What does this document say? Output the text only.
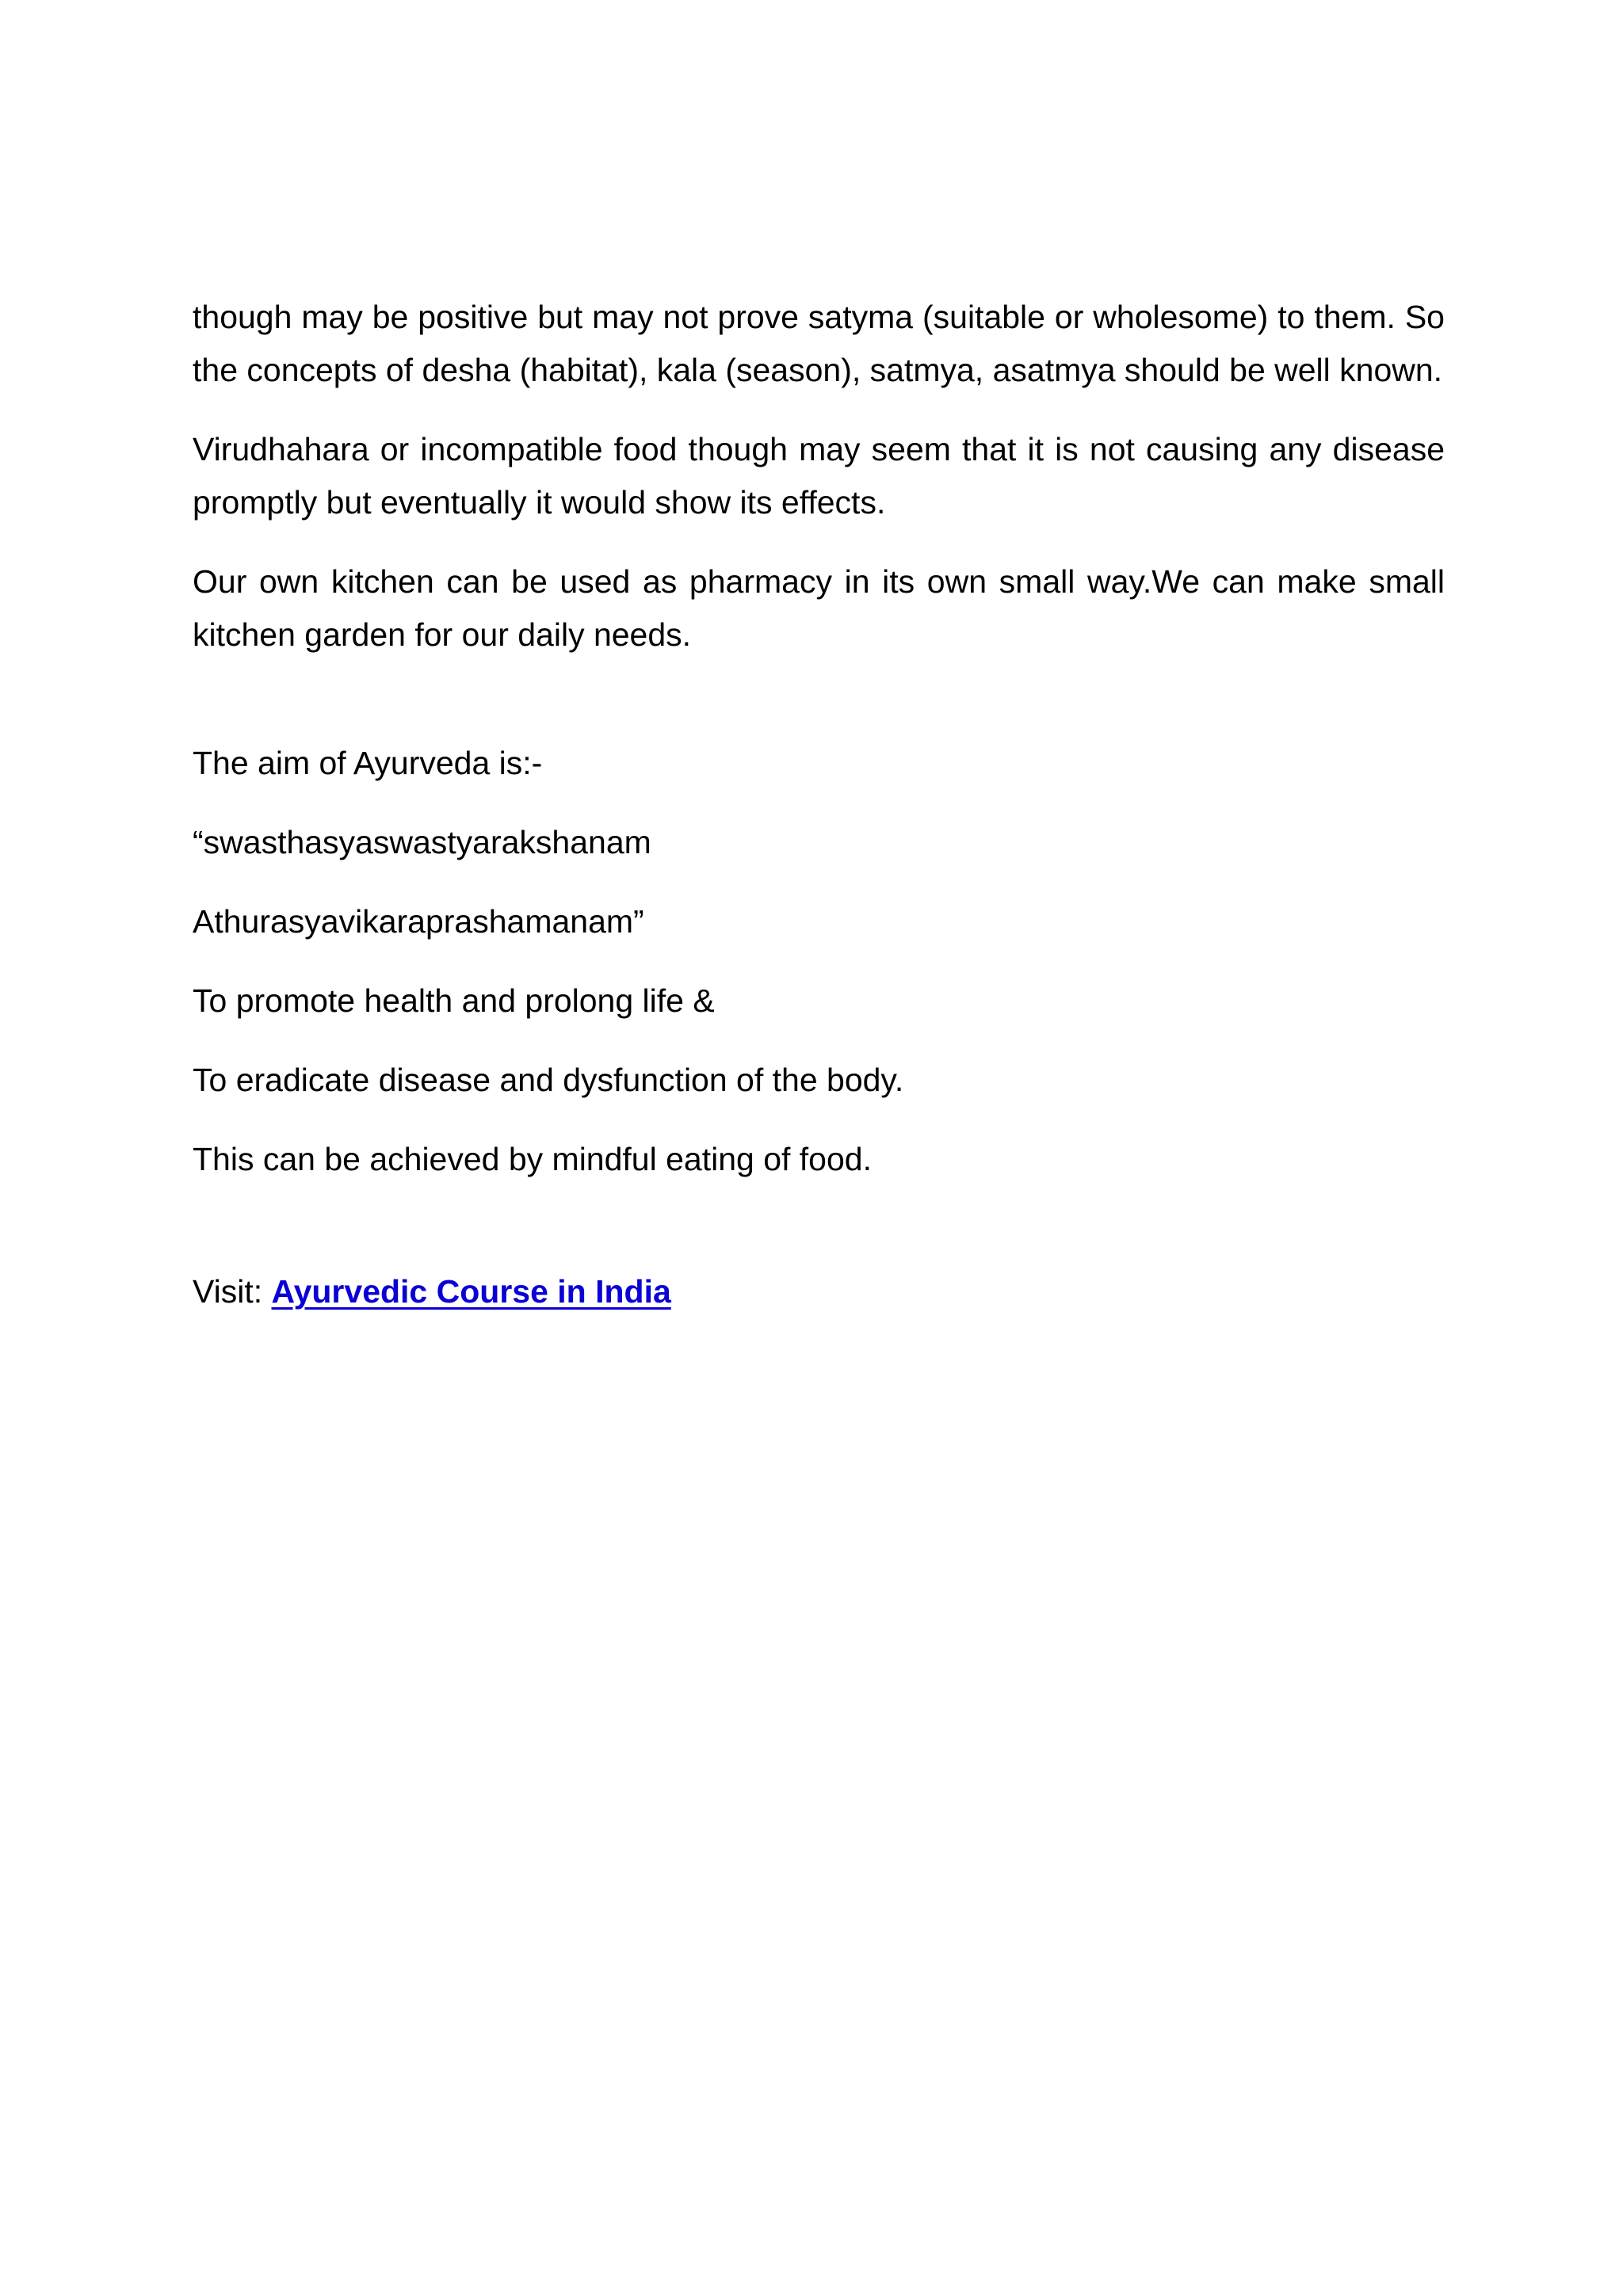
though may be positive but may not prove satyma (suitable or wholesome) to them. So the concepts of desha (habitat), kala (season), satmya, asatmya should be well known.

Virudhahara or incompatible food though may seem that it is not causing any disease promptly but eventually it would show its effects.

Our own kitchen can be used as pharmacy in its own small way.We can make small kitchen garden for our daily needs.

The aim of Ayurveda is:-

“swasthasyaswastyarakshanam

Athurasyavikaraprashamanam”

To promote health and prolong life &

To eradicate disease and dysfunction of the body.

This can be achieved by mindful eating of food.

Visit: Ayurvedic Course in India
